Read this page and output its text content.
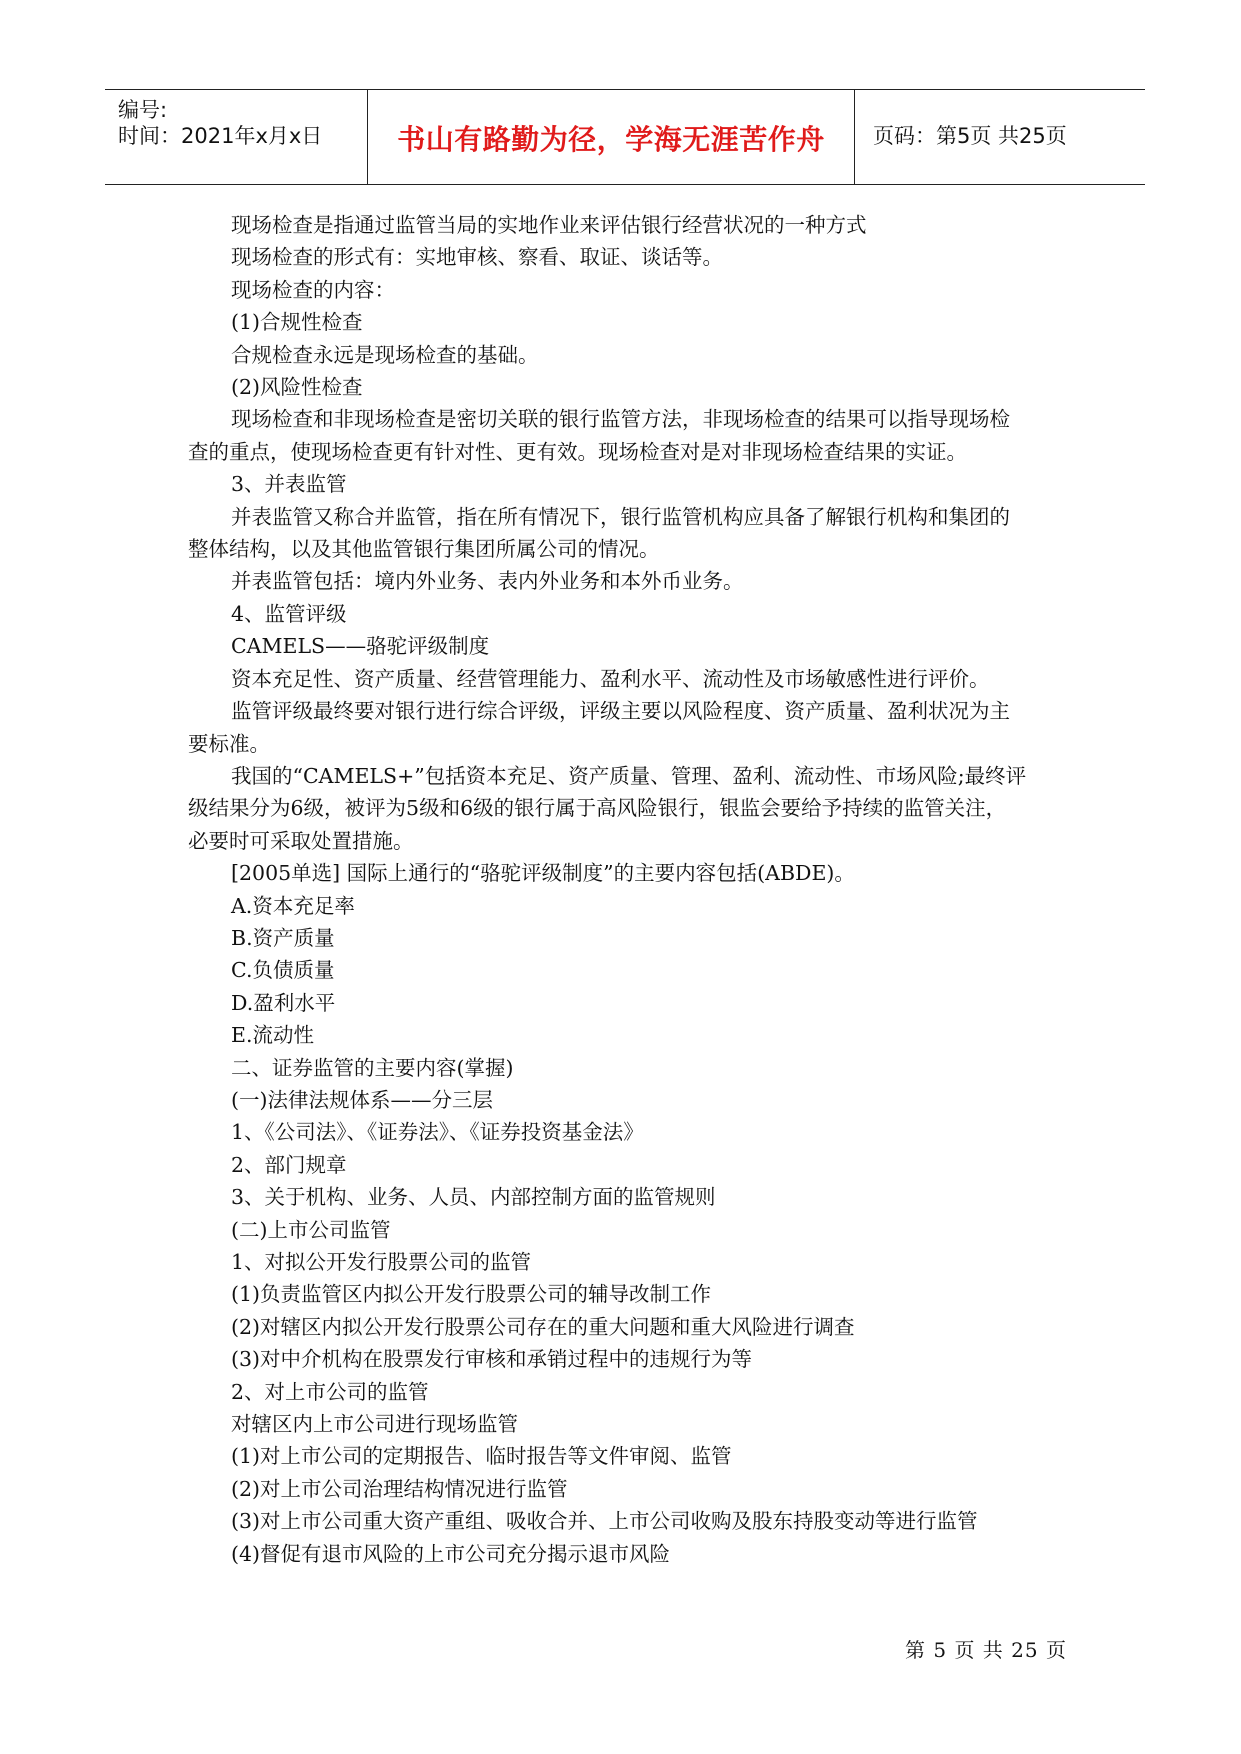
编号:
时间：2021年x月x日	书山有路勤为径，学海无涯苦作舟	页码：第5页 共25页
现场检查是指通过监管当局的实地作业来评估银行经营状况的一种方式
现场检查的形式有：实地审核、察看、取证、谈话等。
现场检查的内容：
(1)合规性检查
合规检查永远是现场检查的基础。
(2)风险性检查
现场检查和非现场检查是密切关联的银行监管方法，非现场检查的结果可以指导现场检
查的重点，使现场检查更有针对性、更有效。现场检查对是对非现场检查结果的实证。
3、并表监管
并表监管又称合并监管，指在所有情况下，银行监管机构应具备了解银行机构和集团的
整体结构，以及其他监管银行集团所属公司的情况。
并表监管包括：境内外业务、表内外业务和本外币业务。
4、监管评级
CAMELS——骆驼评级制度
资本充足性、资产质量、经营管理能力、盈利水平、流动性及市场敏感性进行评价。
监管评级最终要对银行进行综合评级，评级主要以风险程度、资产质量、盈利状况为主
要标准。
我国的“CAMELS+”包括资本充足、资产质量、管理、盈利、流动性、市场风险;最终评
级结果分为6级，被评为5级和6级的银行属于高风险银行，银监会要给予持续的监管关注，
必要时可采取处置措施。
[2005单选] 国际上通行的“骆驼评级制度”的主要内容包括(ABDE)。
A.资本充足率
B.资产质量
C.负债质量
D.盈利水平
E.流动性
二、证券监管的主要内容(掌握)
(一)法律法规体系——分三层
1、《公司法》、《证券法》、《证券投资基金法》
2、部门规章
3、关于机构、业务、人员、内部控制方面的监管规则
(二)上市公司监管
1、对拟公开发行股票公司的监管
(1)负责监管区内拟公开发行股票公司的辅导改制工作
(2)对辖区内拟公开发行股票公司存在的重大问题和重大风险进行调查
(3)对中介机构在股票发行审核和承销过程中的违规行为等
2、对上市公司的监管
对辖区内上市公司进行现场监管
(1)对上市公司的定期报告、临时报告等文件审阅、监管
(2)对上市公司治理结构情况进行监管
(3)对上市公司重大资产重组、吸收合并、上市公司收购及股东持股变动等进行监管
(4)督促有退市风险的上市公司充分揭示退市风险
第 5 页 共 25 页
